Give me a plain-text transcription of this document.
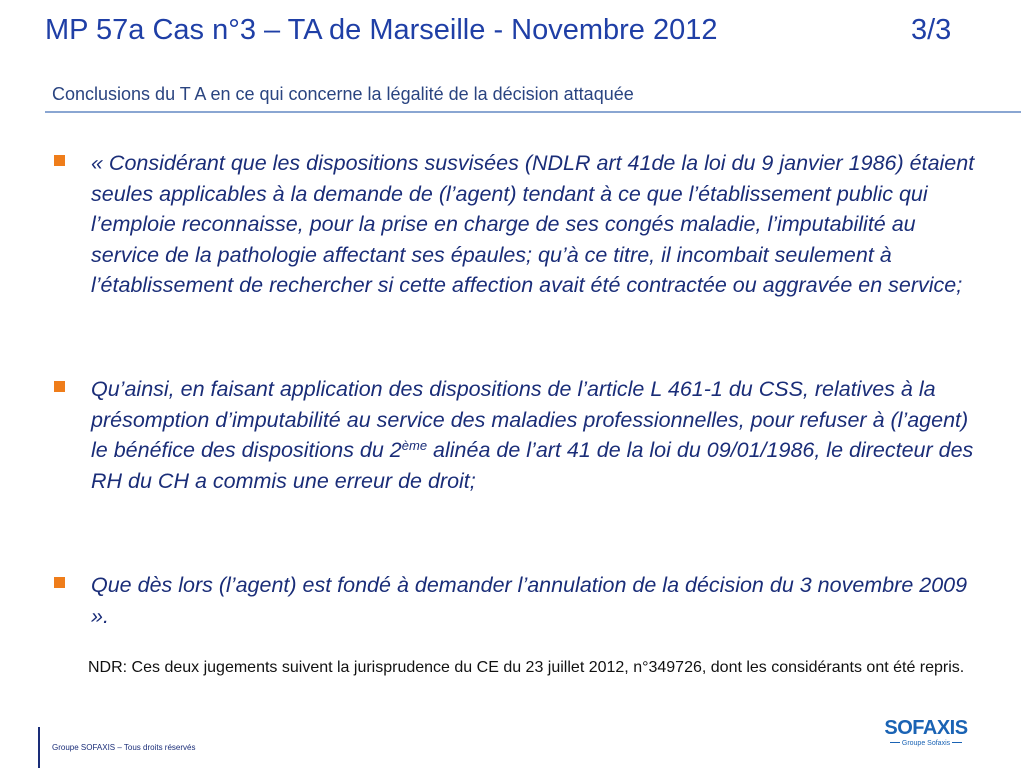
MP 57a Cas n°3 – TA de Marseille - Novembre 2012	3/3
Conclusions du T A en ce qui concerne la légalité de la décision attaquée
« Considérant que les dispositions susvisées (NDLR art 41de la loi du 9 janvier 1986) étaient seules applicables à la demande de (l’agent) tendant à ce que l’établissement public qui l’emploie reconnaisse, pour la prise en charge de ses congés maladie, l’imputabilité au service de la pathologie affectant ses épaules; qu’à ce titre, il incombait seulement à l’établissement de rechercher si cette affection avait été contractée ou aggravée en service;
Qu’ainsi, en faisant application des dispositions de l’article L 461-1 du CSS, relatives à la présomption d’imputabilité au service des maladies professionnelles, pour refuser à (l’agent) le bénéfice des dispositions du 2ème alinéa de l’art 41 de la loi du 09/01/1986, le directeur des RH du CH a commis une erreur de droit;
Que dès lors (l’agent) est fondé à demander l’annulation de la décision du 3 novembre 2009 ».
NDR: Ces deux jugements suivent la jurisprudence du CE du 23 juillet 2012, n°349726, dont les considérants ont été repris.
Groupe SOFAXIS – Tous droits réservés
SOFAXIS
Groupe Sofaxis
